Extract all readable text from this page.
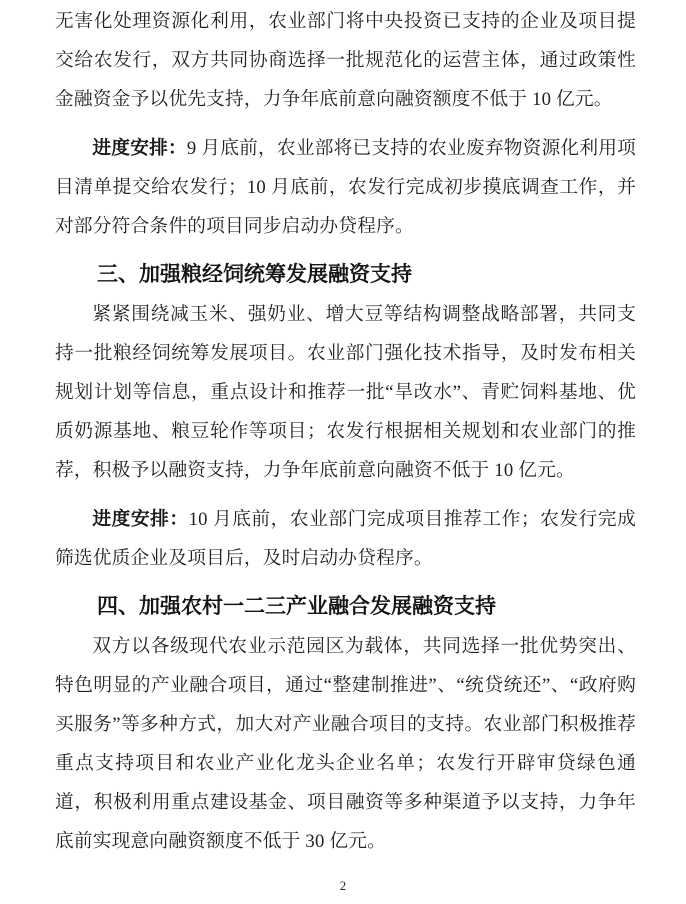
无害化处理资源化利用，农业部门将中央投资已支持的企业及项目提交给农发行，双方共同协商选择一批规范化的运营主体，通过政策性金融资金予以优先支持，力争年底前意向融资额度不低于 10 亿元。

进度安排：9 月底前，农业部将已支持的农业废弃物资源化利用项目清单提交给农发行；10 月底前，农发行完成初步摸底调查工作，并对部分符合条件的项目同步启动办贷程序。

三、加强粮经饲统筹发展融资支持

紧紧围绕减玉米、强奶业、增大豆等结构调整战略部署，共同支持一批粮经饲统筹发展项目。农业部门强化技术指导，及时发布相关规划计划等信息，重点设计和推荐一批“旱改水”、青贮饲料基地、优质奶源基地、粮豆轮作等项目；农发行根据相关规划和农业部门的推荐，积极予以融资支持，力争年底前意向融资不低于 10 亿元。

进度安排：10 月底前，农业部门完成项目推荐工作；农发行完成筛选优质企业及项目后，及时启动办贷程序。

四、加强农村一二三产业融合发展融资支持

双方以各级现代农业示范园区为载体，共同选择一批优势突出、特色明显的产业融合项目，通过“整建制推进”、“统贷统还”、“政府购买服务”等多种方式，加大对产业融合项目的支持。农业部门积极推荐重点支持项目和农业产业化龙头企业名单；农发行开辟审贷绿色通道，积极利用重点建设基金、项目融资等多种渠道予以支持，力争年底前实现意向融资额度不低于 30 亿元。

2
